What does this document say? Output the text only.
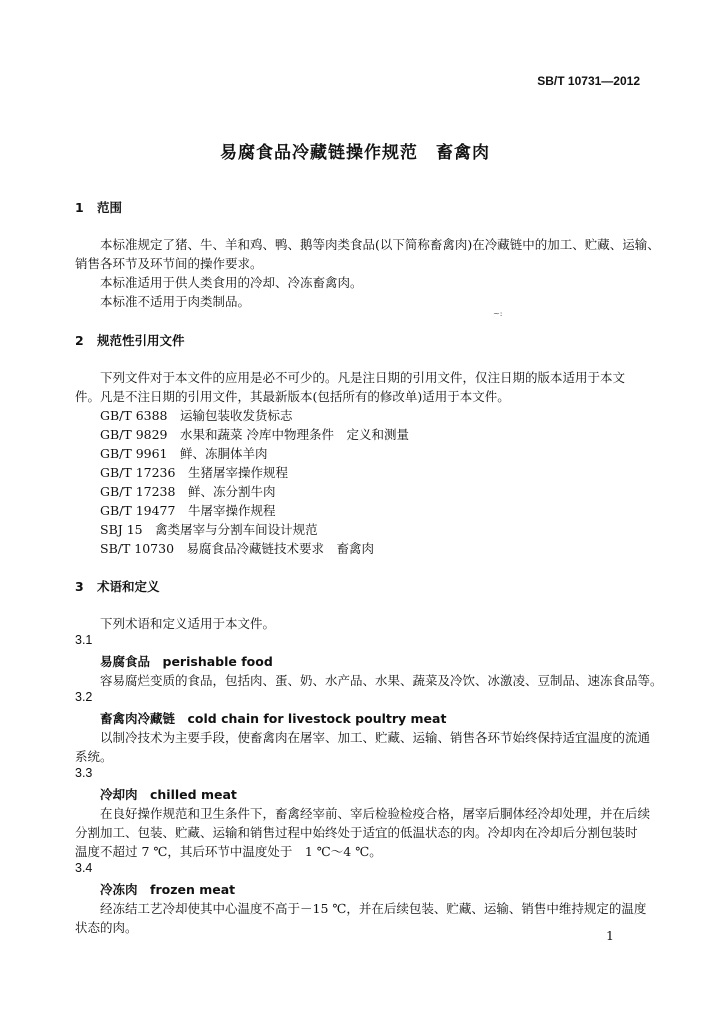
SB/T 10731—2012
易腐食品冷藏链操作规范　畜禽肉
1 范围
本标准规定了猪、牛、羊和鸡、鸭、鹅等肉类食品(以下简称畜禽肉)在冷藏链中的加工、贮藏、运输、
销售各环节及环节间的操作要求。
本标准适用于供人类食用的冷却、冷冻畜禽肉。
本标准不适用于肉类制品。
~:
2 规范性引用文件
下列文件对于本文件的应用是必不可少的。凡是注日期的引用文件，仅注日期的版本适用于本文
件。凡是不注日期的引用文件，其最新版本(包括所有的修改单)适用于本文件。
GB/T 6388　运输包装收发货标志
GB/T 9829　水果和蔬菜 冷库中物理条件　定义和测量
GB/T 9961　鲜、冻胴体羊肉
GB/T 17236　生猪屠宰操作规程
GB/T 17238　鲜、冻分割牛肉
GB/T 19477　牛屠宰操作规程
SBJ 15　禽类屠宰与分割车间设计规范
SB/T 10730　易腐食品冷藏链技术要求　畜禽肉
3 术语和定义
下列术语和定义适用于本文件。
3.1
易腐食品　perishable food
容易腐烂变质的食品，包括肉、蛋、奶、水产品、水果、蔬菜及冷饮、冰激凌、豆制品、速冻食品等。
3.2
畜禽肉冷藏链　cold chain for livestock poultry meat
以制冷技术为主要手段，使畜禽肉在屠宰、加工、贮藏、运输、销售各环节始终保持适宜温度的流通
系统。
3.3
冷却肉　chilled meat
在良好操作规范和卫生条件下，畜禽经宰前、宰后检验检疫合格，屠宰后胴体经冷却处理，并在后续
分割加工、包装、贮藏、运输和销售过程中始终处于适宜的低温状态的肉。冷却肉在冷却后分割包装时
温度不超过 7 ℃，其后环节中温度处于　1 ℃～4 ℃。
3.4
冷冻肉　frozen meat
经冻结工艺冷却使其中心温度不高于－15 ℃，并在后续包装、贮藏、运输、销售中维持规定的温度
状态的肉。
1
